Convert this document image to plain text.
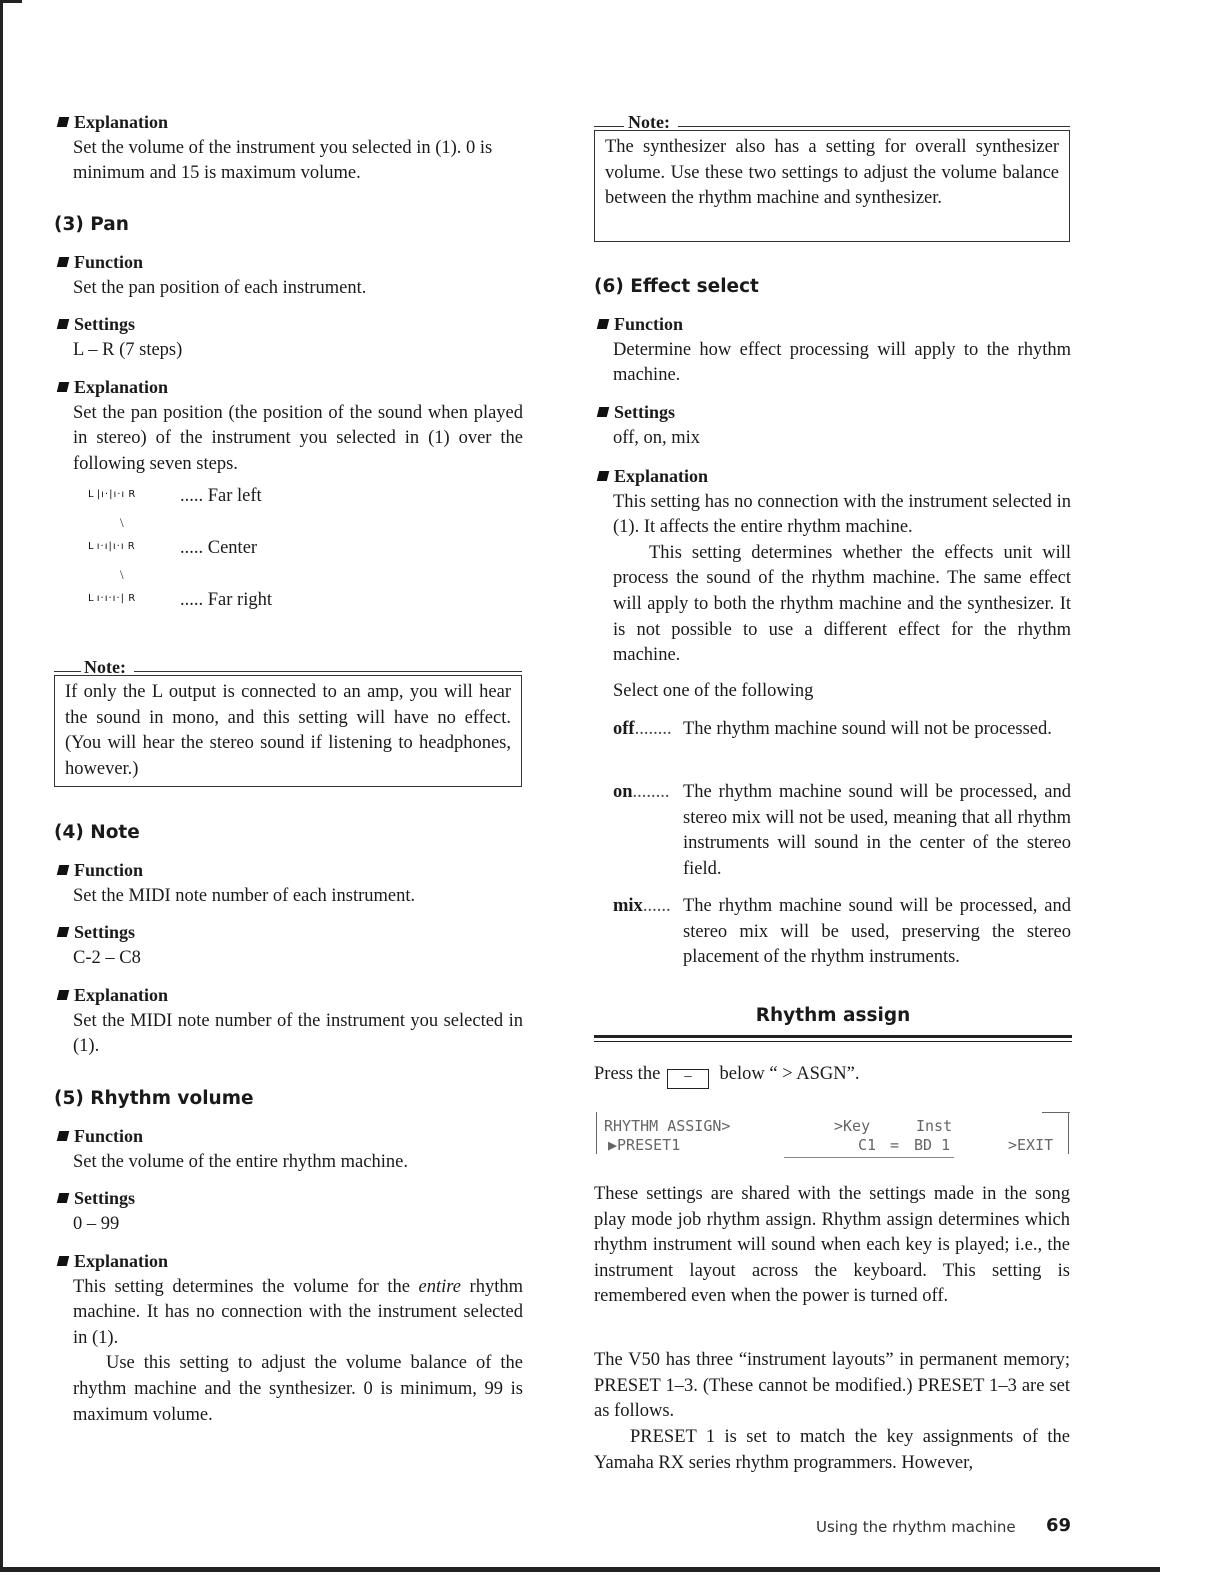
Explanation
Set the volume of the instrument you selected in (1). 0 is minimum and 15 is maximum volume.
(3) Pan
Function
Set the pan position of each instrument.
Settings
L – R (7 steps)
Explanation
Set the pan position (the position of the sound when played in stereo) of the instrument you selected in (1) over the following seven steps.
L |ı·|ı·ı R ..... Far left
\
L ı·ı|ı·ı R ..... Center
\
L ı·ı·ı·| R ..... Far right
Note:
If only the L output is connected to an amp, you will hear the sound in mono, and this setting will have no effect. (You will hear the stereo sound if listening to headphones, however.)
(4) Note
Function
Set the MIDI note number of each instrument.
Settings
C-2 – C8
Explanation
Set the MIDI note number of the instrument you selected in (1).
(5) Rhythm volume
Function
Set the volume of the entire rhythm machine.
Settings
0 – 99
Explanation
This setting determines the volume for the entire rhythm machine. It has no connection with the instrument selected in (1).
Use this setting to adjust the volume balance of the rhythm machine and the synthesizer. 0 is minimum, 99 is maximum volume.
Note:
The synthesizer also has a setting for overall synthesizer volume. Use these two settings to adjust the volume balance between the rhythm machine and synthesizer.
(6) Effect select
Function
Determine how effect processing will apply to the rhythm machine.
Settings
off, on, mix
Explanation
This setting has no connection with the instrument selected in (1). It affects the entire rhythm machine.
This setting determines whether the effects unit will process the sound of the rhythm machine. The same effect will apply to both the rhythm machine and the synthesizer. It is not possible to use a different effect for the rhythm machine.
Select one of the following
off........ The rhythm machine sound will not be processed.
on........ The rhythm machine sound will be processed, and stereo mix will not be used, meaning that all rhythm instruments will sound in the center of the stereo field.
mix...... The rhythm machine sound will be processed, and stereo mix will be used, preserving the stereo placement of the rhythm instruments.
Rhythm assign
Press the − below “ > ASGN”.
RHYTHM ASSIGN>	>Key	Inst
▶PRESET1	C1 = BD 1	>EXIT
These settings are shared with the settings made in the song play mode job rhythm assign. Rhythm assign determines which rhythm instrument will sound when each key is played; i.e., the instrument layout across the keyboard. This setting is remembered even when the power is turned off.
The V50 has three “instrument layouts” in permanent memory; PRESET 1–3. (These cannot be modified.) PRESET 1–3 are set as follows.
PRESET 1 is set to match the key assignments of the Yamaha RX series rhythm programmers. However,
Using the rhythm machine 69
